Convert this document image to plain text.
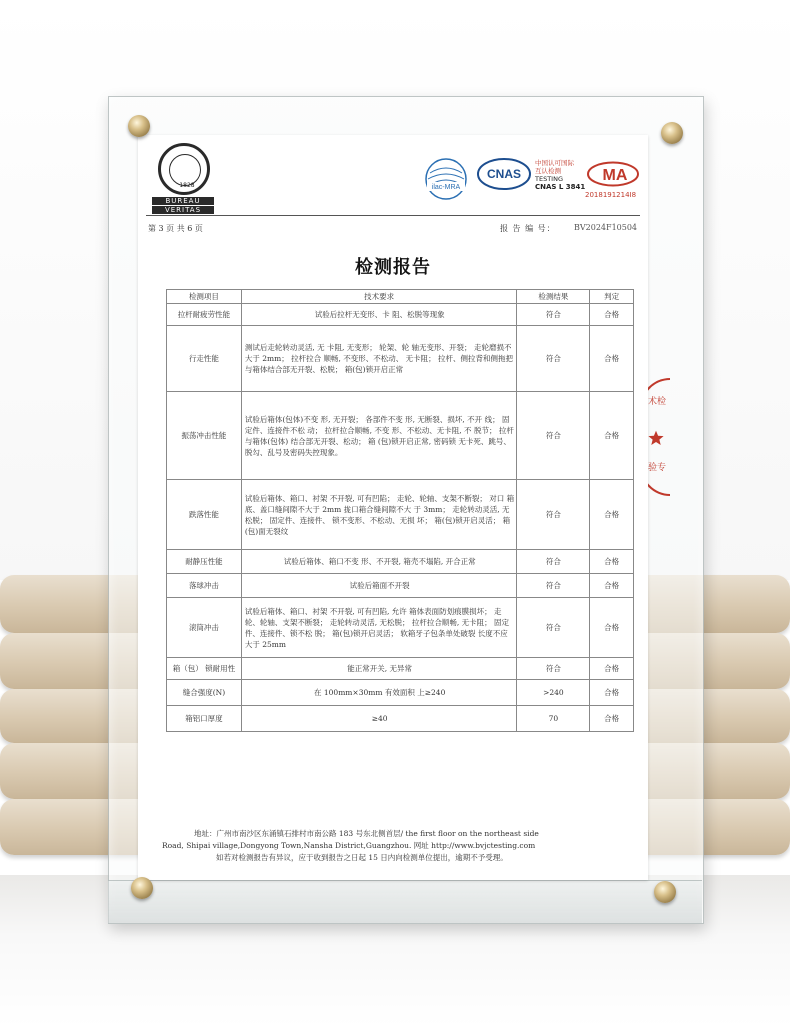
术检
验专
1828
BUREAU
VERITAS
ilac-MRA
CNAS
中国认可国际
互认检测
TESTING
CNAS L 3841
MA
2018191214I8
第 3 页 共 6 页	报 告 编 号： BV2024F10504
检测报告
检测项目	技术要求	检测结果	判定
拉杆耐疲劳性能	试验后拉杆无变形、卡 阻、松脱等现象	符合	合格
行走性能	测试后走轮转动灵活, 无 卡阻, 无变形； 轮架、轮 轴无变形、开裂； 走轮磨损不大于 2mm； 拉杆拉合 顺畅, 不变形、不松动、 无卡阻； 拉杆、侧拉背和侧拖把与箱体结合部无开裂、松脱； 箱(包)锁开启正常	符合	合格
振荡冲击性能	试验后箱体(包体)不变 形, 无开裂； 各部件不变 形, 无断裂、损坏, 不开 线； 固定件、连接件不松 动； 拉杆拉合顺畅, 不变 形、不松动、无卡阻, 不 脱节； 拉杆与箱体(包体) 结合部无开裂、松动； 箱 (包)锁开启正常, 密码锁 无卡死、跳号、脱勾、乱号及密码失控现象。	符合	合格
跌落性能	试验后箱体、箱口、衬架 不开裂, 可有凹陷； 走轮、轮轴、支架不断裂； 对口 箱底、盖口缝间隙不大于 2mm 拢口箱合缝间隙不大 于 3mm； 走轮转动灵活, 无松脱； 固定件、连接件、 锁不变形、不松动、无损 坏； 箱(包)锁开启灵活； 箱(包)面无裂纹	符合	合格
耐静压性能	试验后箱体、箱口不变 形、不开裂, 箱壳不塌陷, 开合正常	符合	合格
落球冲击	试验后箱面不开裂	符合	合格
滚筒冲击	试验后箱体、箱口、衬架 不开裂, 可有凹陷, 允许 箱体表面防划痕膜损坏； 走轮、轮轴、支架不断裂； 走轮转动灵活, 无松脱； 拉杆拉合顺畅, 无卡阻； 固定件、连接件、锁不松 脱； 箱(包)锁开启灵活； 软箱牙子包条单处破裂 长度不应大于 25mm	符合	合格
箱（包） 锁耐用性	能正常开关, 无异常	符合	合格
缝合强度(N)	在 100mm×30mm 有效面积 上≥240	>240	合格
箱铝口厚度	≥40	70	合格
地址：广州市南沙区东涌镇石排村市南公路 183 号东北侧首层/ the first floor on the northeast side
Road, Shipai village,Dongyong Town,Nansha District,Guangzhou. 网址 http://www.bvjctesting.com
如若对检测报告有异议，应于收到报告之日起 15 日内向检测单位提出，逾期不予受理。
